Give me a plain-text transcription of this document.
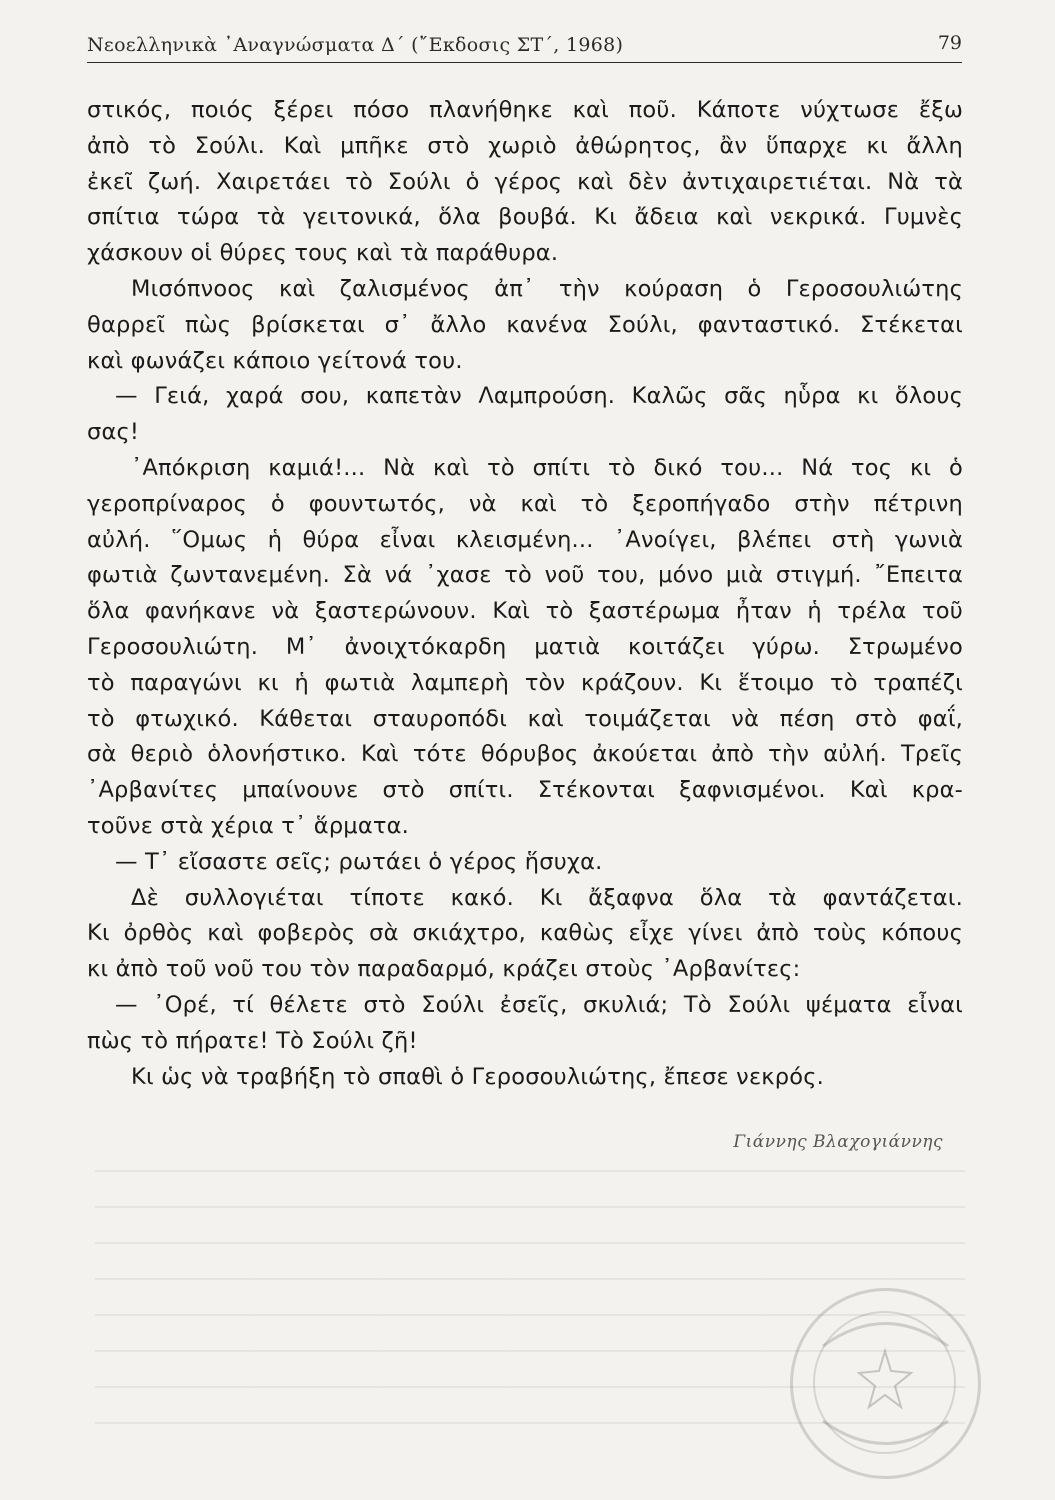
Νεοελληνικὰ ᾿Αναγνώσματα Δ΄ (῎Εκδοσις ΣΤ΄, 1968)	79
στικός, ποιός ξέρει πόσο πλανήθηκε καὶ ποῦ. Κάποτε νύχτωσε ἔξω
ἀπὸ τὸ Σούλι. Καὶ μπῆκε στὸ χωριὸ ἀθώρητος, ἂν ὕπαρχε κι ἄλλη
ἐκεῖ ζωή. Χαιρετάει τὸ Σούλι ὁ γέρος καὶ δὲν ἀντιχαιρετιέται. Νὰ τὰ
σπίτια τώρα τὰ γειτονικά, ὅλα βουβά. Κι ἄδεια καὶ νεκρικά. Γυμνὲς
χάσκουν οἱ θύρες τους καὶ τὰ παράθυρα.
Μισόπνοος καὶ ζαλισμένος ἀπ᾿ τὴν κούραση ὁ Γεροσουλιώτης
θαρρεῖ πὼς βρίσκεται σ᾿ ἄλλο κανένα Σούλι, φανταστικό. Στέκεται
καὶ φωνάζει κάποιο γείτονά του.
— Γειά, χαρά σου, καπετὰν Λαμπρούση. Καλῶς σᾶς ηὗρα κι ὅλους
σας!
᾿Απόκριση καμιά!... Νὰ καὶ τὸ σπίτι τὸ δικό του... Νά τος κι ὁ
γεροπρίναρος ὁ φουντωτός, νὰ καὶ τὸ ξεροπήγαδο στὴν πέτρινη
αὐλή. ῞Ομως ἡ θύρα εἶναι κλεισμένη... ᾿Ανοίγει, βλέπει στὴ γωνιὰ
φωτιὰ ζωντανεμένη. Σὰ νά ᾿χασε τὸ νοῦ του, μόνο μιὰ στιγμή. ῎Επειτα
ὅλα φανήκανε νὰ ξαστερώνουν. Καὶ τὸ ξαστέρωμα ἦταν ἡ τρέλα τοῦ
Γεροσουλιώτη. Μ᾿ ἀνοιχτόκαρδη ματιὰ κοιτάζει γύρω. Στρωμένο
τὸ παραγώνι κι ἡ φωτιὰ λαμπερὴ τὸν κράζουν. Κι ἕτοιμο τὸ τραπέζι
τὸ φτωχικό. Κάθεται σταυροπόδι καὶ τοιμάζεται νὰ πέση στὸ φαΐ,
σὰ θεριὸ ὁλονήστικο. Καὶ τότε θόρυβος ἀκούεται ἀπὸ τὴν αὐλή. Τρεῖς
᾿Αρβανίτες μπαίνουνε στὸ σπίτι. Στέκονται ξαφνισμένοι. Καὶ κρα-
τοῦνε στὰ χέρια τ᾿ ἅρματα.
— Τ᾿ εἴσαστε σεῖς; ρωτάει ὁ γέρος ἥσυχα.
Δὲ συλλογιέται τίποτε κακό. Κι ἄξαφνα ὅλα τὰ φαντάζεται.
Κι ὀρθὸς καὶ φοβερὸς σὰ σκιάχτρο, καθὼς εἶχε γίνει ἀπὸ τοὺς κόπους
κι ἀπὸ τοῦ νοῦ του τὸν παραδαρμό, κράζει στοὺς ᾿Αρβανίτες:
— ᾿Ορέ, τί θέλετε στὸ Σούλι ἐσεῖς, σκυλιά; Τὸ Σούλι ψέματα εἶναι
πὼς τὸ πήρατε! Τὸ Σούλι ζῆ!
Κι ὡς νὰ τραβήξη τὸ σπαθὶ ὁ Γεροσουλιώτης, ἔπεσε νεκρός.
Γιάννης Βλαχογιάννης
